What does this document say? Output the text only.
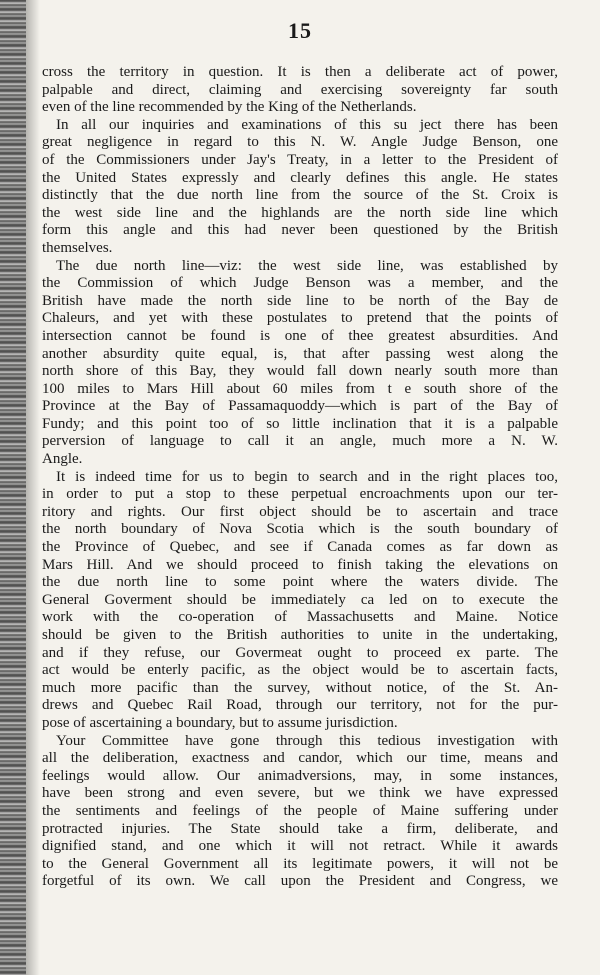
15
cross the territory in question. It is then a deliberate act of power,
palpable and direct, claiming and exercising sovereignty far south
even of the line recommended by the King of the Netherlands.
In all our inquiries and examinations of this su ject there has been
great negligence in regard to this N. W. Angle Judge Benson, one
of the Commissioners under Jay's Treaty, in a letter to the President of
the United States expressly and clearly defines this angle. He states
distinctly that the due north line from the source of the St. Croix is
the west side line and the highlands are the north side line which
form this angle and this had never been questioned by the British
themselves.
The due north line—viz: the west side line, was established by
the Commission of which Judge Benson was a member, and the
British have made the north side line to be north of the Bay de
Chaleurs, and yet with these postulates to pretend that the points of
intersection cannot be found is one of thee greatest absurdities. And
another absurdity quite equal, is, that after passing west along the
north shore of this Bay, they would fall down nearly south more than
100 miles to Mars Hill about 60 miles from t e south shore of the
Province at the Bay of Passamaquoddy—which is part of the Bay of
Fundy; and this point too of so little inclination that it is a palpable
perversion of language to call it an angle, much more a N. W.
Angle.
It is indeed time for us to begin to search and in the right places too,
in order to put a stop to these perpetual encroachments upon our ter-
ritory and rights. Our first object should be to ascertain and trace
the north boundary of Nova Scotia which is the south boundary of
the Province of Quebec, and see if Canada comes as far down as
Mars Hill. And we should proceed to finish taking the elevations on
the due north line to some point where the waters divide. The
General Goverment should be immediately ca led on to execute the
work with the co-operation of Massachusetts and Maine. Notice
should be given to the British authorities to unite in the undertaking,
and if they refuse, our Govermeat ought to proceed ex parte. The
act would be enterly pacific, as the object would be to ascertain facts,
much more pacific than the survey, without notice, of the St. An-
drews and Quebec Rail Road, through our territory, not for the pur-
pose of ascertaining a boundary, but to assume jurisdiction.
Your Committee have gone through this tedious investigation with
all the deliberation, exactness and candor, which our time, means and
feelings would allow. Our animadversions, may, in some instances,
have been strong and even severe, but we think we have expressed
the sentiments and feelings of the people of Maine suffering under
protracted injuries. The State should take a firm, deliberate, and
dignified stand, and one which it will not retract. While it awards
to the General Government all its legitimate powers, it will not be
forgetful of its own. We call upon the President and Congress, we
